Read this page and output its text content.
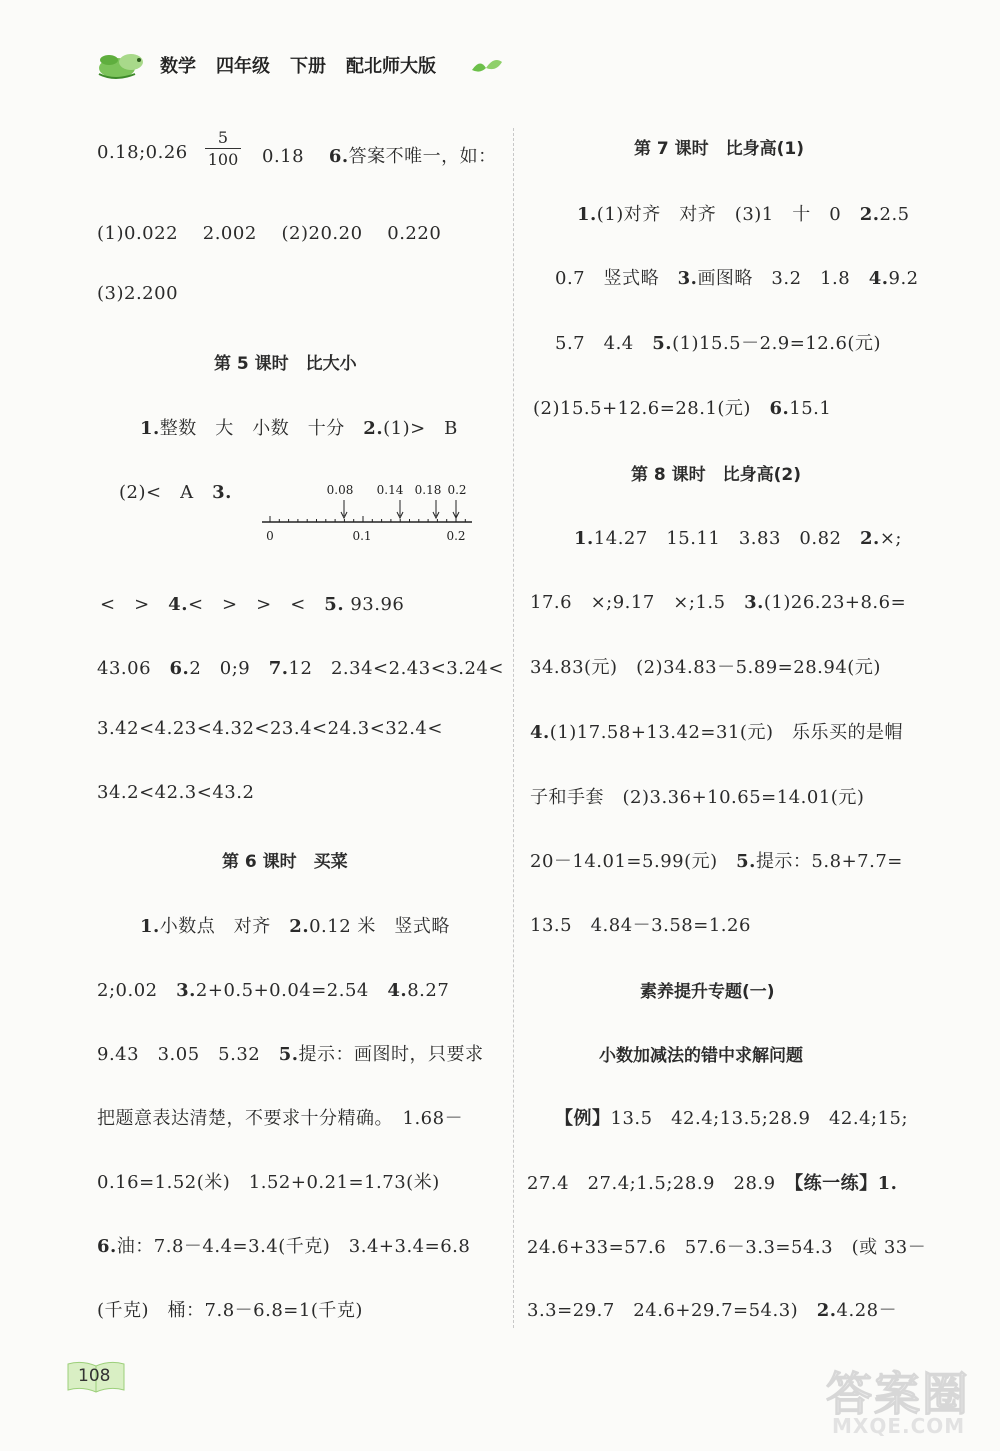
数学 四年级 下册 配北师大版
0.18;0.26 $\frac{5}{100} 0.18$　 6.答案不唯一，如：
(1)0.022　 2.002　 (2)20.20　 0.220
(3)2.200
第 5 课时　比大小
1.整数　大　小数　十分　2.(1)>　B
(2)<　A　3.	0.08 0.14 0.18 0.2
0	0.1	0.2
<　>　4.<　>　>　<　5. 93.96
43.06　6.2　0;9　7.12　2.34<2.43<3.24<
3.42<4.23<4.32<23.4<24.3<32.4<
34.2<42.3<43.2
第 6 课时　买菜
1.小数点　对齐　2.0.12 米　竖式略
2;0.02　3.2+0.5+0.04=2.54　4.8.27
9.43　3.05　5.32　5.提示：画图时，只要求
把题意表达清楚，不要求十分精确。　1.68－
0.16=1.52(米)　1.52+0.21=1.73(米)
6.油：7.8－4.4=3.4(千克)　3.4+3.4=6.8
(千克)　桶：7.8－6.8=1(千克)
第 7 课时　比身高(1)
1.(1)对齐　对齐　(3)1　十　0　2.2.5
0.7　竖式略　3.画图略　3.2　1.8　4.9.2
5.7　4.4　5.(1)15.5－2.9=12.6(元)
(2)15.5+12.6=28.1(元)　6.15.1
第 8 课时　比身高(2)
1.14.27　15.11　3.83　0.82　2.×;
17.6　×;9.17　×;1.5　3.(1)26.23+8.6=
34.83(元)　(2)34.83－5.89=28.94(元)
4.(1)17.58+13.42=31(元)　乐乐买的是帽
子和手套　(2)3.36+10.65=14.01(元)
20－14.01=5.99(元)　5.提示：5.8+7.7=
13.5　4.84－3.58=1.26
素养提升专题(一)
小数加减法的错中求解问题
【例】13.5　42.4;13.5;28.9　42.4;15;
27.4　27.4;1.5;28.9　28.9　【练一练】1.
24.6+33=57.6　57.6－3.3=54.3　(或 33－
3.3=29.7　24.6+29.7=54.3)　2.4.28－
108	答案圈
MXQE.COM
